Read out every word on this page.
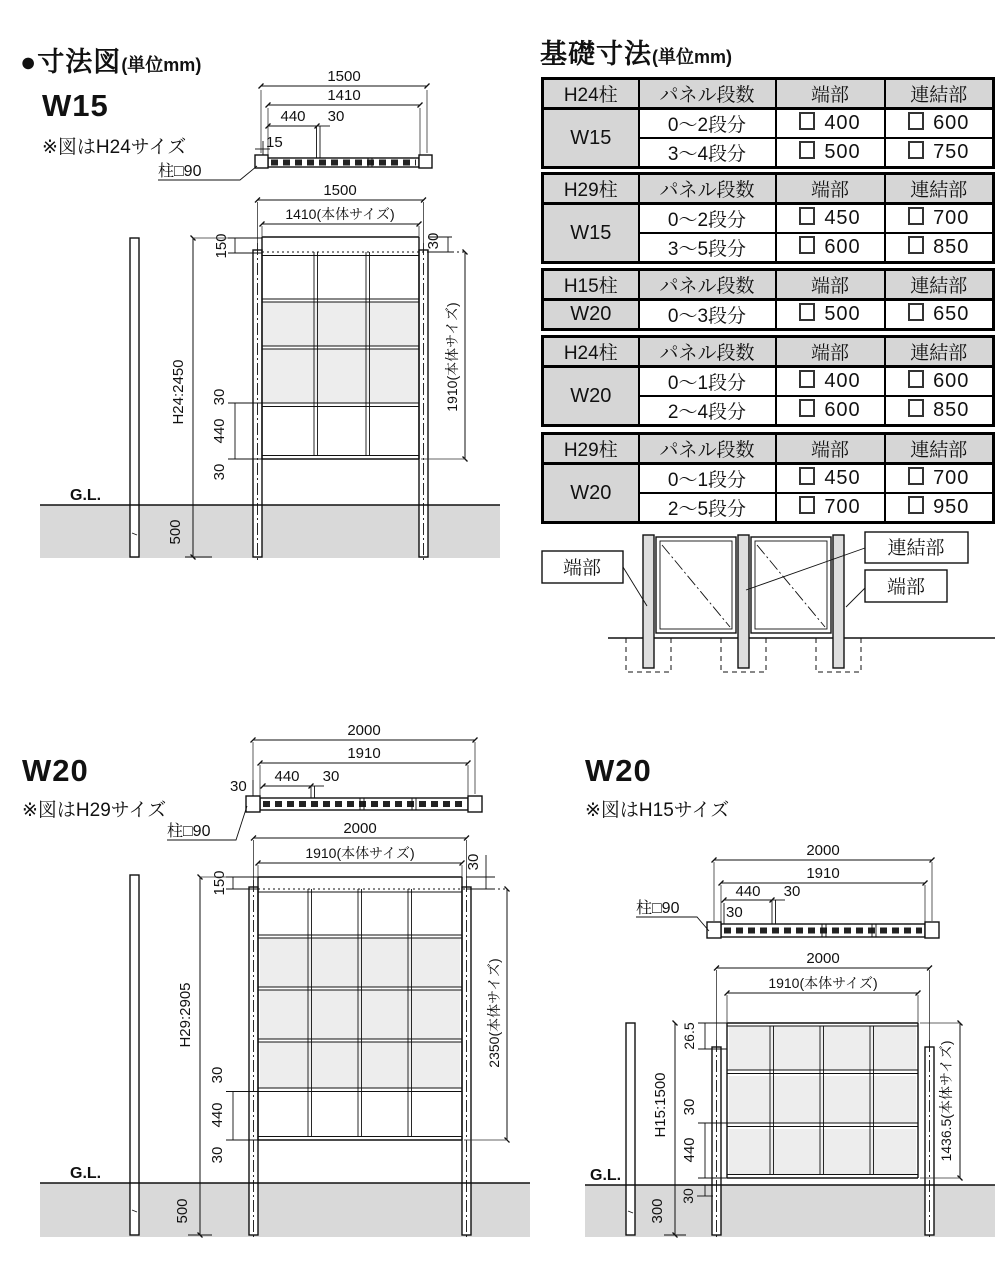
1500
1410
440 30
15
柱□90
1500
1410(本体サイズ)
150	30
1910(本体サイズ)
H24:2450
500
30
440
30
G.L.
端部
連結部
端部
2000
1910
440 30
30
柱□90	2000
1910(本体サイズ)
150
30
2350(本体サイズ)
H29:2905
500
30
440
30
G.L.
2000
1910
440 30
30
柱□90
2000
1910(本体サイズ)
26.5
1436.5(本体サイズ)
H15:1500 30
440
300
30
G.L.
●寸法図(単位mm)
W15
※図はH24サイズ
基礎寸法(単位mm)
W20
※図はH29サイズ
W20
※図はH15サイズ
H24柱	パネル段数	端部	連結部
W15	0〜2段分	400	600
	3〜4段分	500	750
H29柱	パネル段数	端部	連結部
W15	0〜2段分	450	700
	3〜5段分	600	850
H15柱	パネル段数	端部	連結部
W20	0〜3段分	500	650
H24柱	パネル段数	端部	連結部
W20	0〜1段分	400	600
	2〜4段分	600	850
H29柱	パネル段数	端部	連結部
W20	0〜1段分	450	700
	2〜5段分	700	950
